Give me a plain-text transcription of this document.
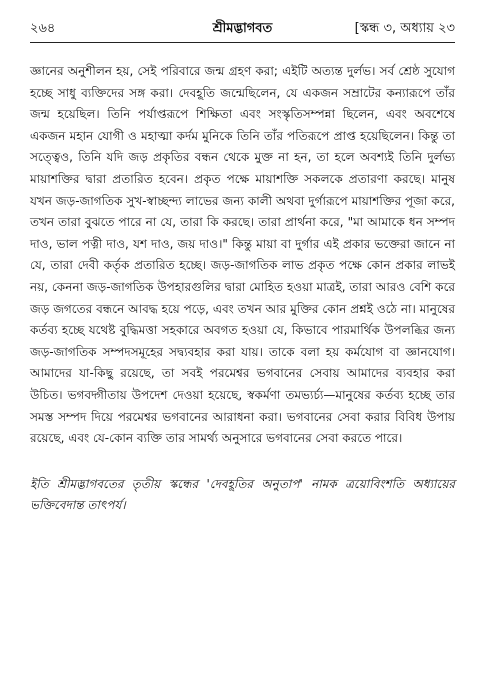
২৬৪	শ্রীমদ্ভাগবত	[স্কন্ধ ৩, অধ্যায় ২৩

জ্ঞানের অনুশীলন হয়, সেই পরিবারে জন্ম গ্রহণ করা; এইটি অত্যন্ত দুর্লভ। সর্ব শ্রেষ্ঠ সুযোগ হচ্ছে সাধু ব্যক্তিদের সঙ্গ করা। দেবহূতি জন্মেছিলেন, যে একজন সম্রাটের কন্যারূপে তাঁর জন্ম হয়েছিল। তিনি পর্যাপ্তরূপে শিক্ষিতা এবং সংস্কৃতিসম্পন্না ছিলেন, এবং অবশেষে একজন মহান যোগী ও মহাত্মা কর্দম মুনিকে তিনি তাঁর পতিরূপে প্রাপ্ত হয়েছিলেন। কিন্তু তা সত্ত্বেও, তিনি যদি জড় প্রকৃতির বন্ধন থেকে মুক্ত না হন, তা হলে অবশ্যই তিনি দুর্লভ্য মায়াশক্তির দ্বারা প্রতারিত হবেন। প্রকৃত পক্ষে মায়াশক্তি সকলকে প্রতারণা করছে। মানুষ যখন জড়-জাগতিক সুখ-স্বাচ্ছন্দ্য লাভের জন্য কালী অথবা দুর্গারূপে মায়াশক্তির পূজা করে, তখন তারা বুঝতে পারে না যে, তারা কি করছে। তারা প্রার্থনা করে, "মা আমাকে ধন সম্পদ দাও, ভাল পত্নী দাও, যশ দাও, জয় দাও।" কিন্তু মায়া বা দুর্গার এই প্রকার ভক্তেরা জানে না যে, তারা দেবী কর্তৃক প্রতারিত হচ্ছে। জড়-জাগতিক লাভ প্রকৃত পক্ষে কোন প্রকার লাভই নয়, কেননা জড়-জাগতিক উপহারগুলির দ্বারা মোহিত হওয়া মাত্রই, তারা আরও বেশি করে জড় জগতের বন্ধনে আবদ্ধ হয়ে পড়ে, এবং তখন আর মুক্তির কোন প্রশ্নই ওঠে না। মানুষের কর্তব্য হচ্ছে যথেষ্ট বুদ্ধিমত্তা সহকারে অবগত হওয়া যে, কিভাবে পারমার্থিক উপলব্ধির জন্য জড়-জাগতিক সম্পদসমূহের সদ্ব্যবহার করা যায়। তাকে বলা হয় কর্মযোগ বা জ্ঞানযোগ। আমাদের যা-কিছু রয়েছে, তা সবই পরমেশ্বর ভগবানের সেবায় আমাদের ব্যবহার করা উচিত। ভগবদ্গীতায় উপদেশ দেওয়া হয়েছে, স্বকর্মণা তমভ্যর্চ্য—মানুষের কর্তব্য হচ্ছে তার সমস্ত সম্পদ দিয়ে পরমেশ্বর ভগবানের আরাধনা করা। ভগবানের সেবা করার বিবিধ উপায় রয়েছে, এবং যে-কোন ব্যক্তি তার সামর্থ্য অনুসারে ভগবানের সেবা করতে পারে।

ইতি শ্রীমদ্ভাগবতের তৃতীয় স্কন্ধের 'দেবহূতির অনুতাপ' নামক ত্রয়োবিংশতি অধ্যায়ের ভক্তিবেদান্ত তাৎপর্য।
